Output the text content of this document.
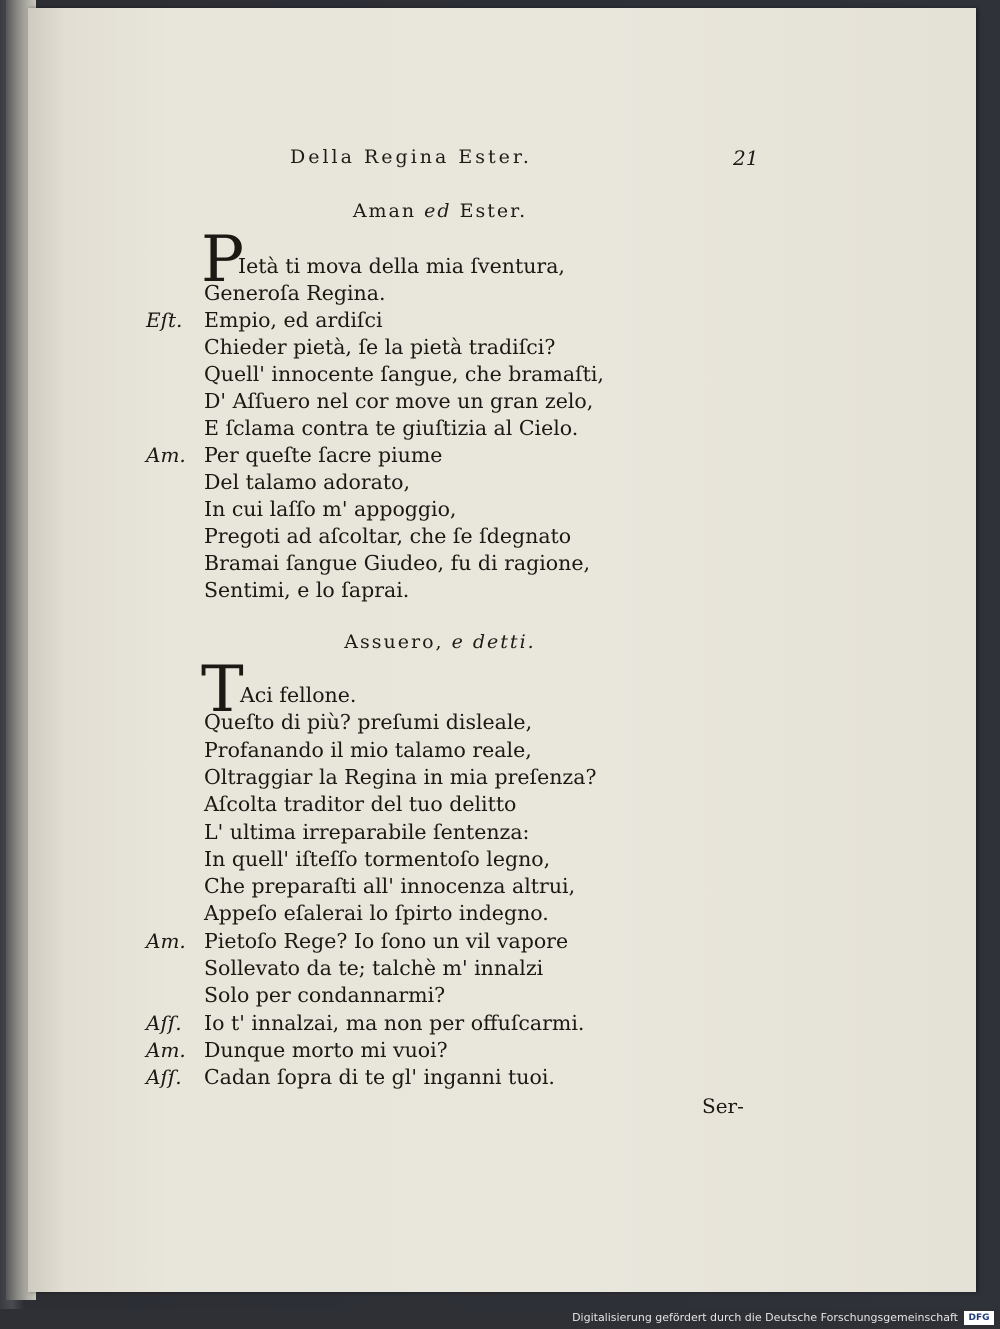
Della Regina Ester.	21
Aman ed Ester.
P
Ietà ti mova della mia ſventura,
Generoſa Regina.
Eſt. Empio, ed ardiſci
Chieder pietà, ſe la pietà tradiſci?
Quell' innocente ſangue, che bramaſti,
D' Aſſuero nel cor move un gran zelo,
E ſclama contra te giuſtizia al Cielo.
Am. Per queſte ſacre piume
Del talamo adorato,
In cui laſſo m' appoggio,
Pregoti ad aſcoltar, che ſe ſdegnato
Bramai ſangue Giudeo, fu di ragione,
Sentimi, e lo ſaprai.
Assuero, e detti.
T
Aci fellone.
Queſto di più? preſumi disleale,
Profanando il mio talamo reale,
Oltraggiar la Regina in mia preſenza?
Aſcolta traditor del tuo delitto
L' ultima irreparabile ſentenza:
In quell' iſteſſo tormentoſo legno,
Che preparaſti all' innocenza altrui,
Appeſo eſalerai lo ſpirto indegno.
Am. Pietoſo Rege? Io ſono un vil vapore
Sollevato da te; talchè m' innalzi
Solo per condannarmi?
Aſſ. Io t' innalzai, ma non per offuſcarmi.
Am. Dunque morto mi vuoi?
Aſſ. Cadan ſopra di te gl' inganni tuoi.
Ser-
Digitalisierung gefördert durch die Deutsche Forschungsgemeinschaft	DFG
